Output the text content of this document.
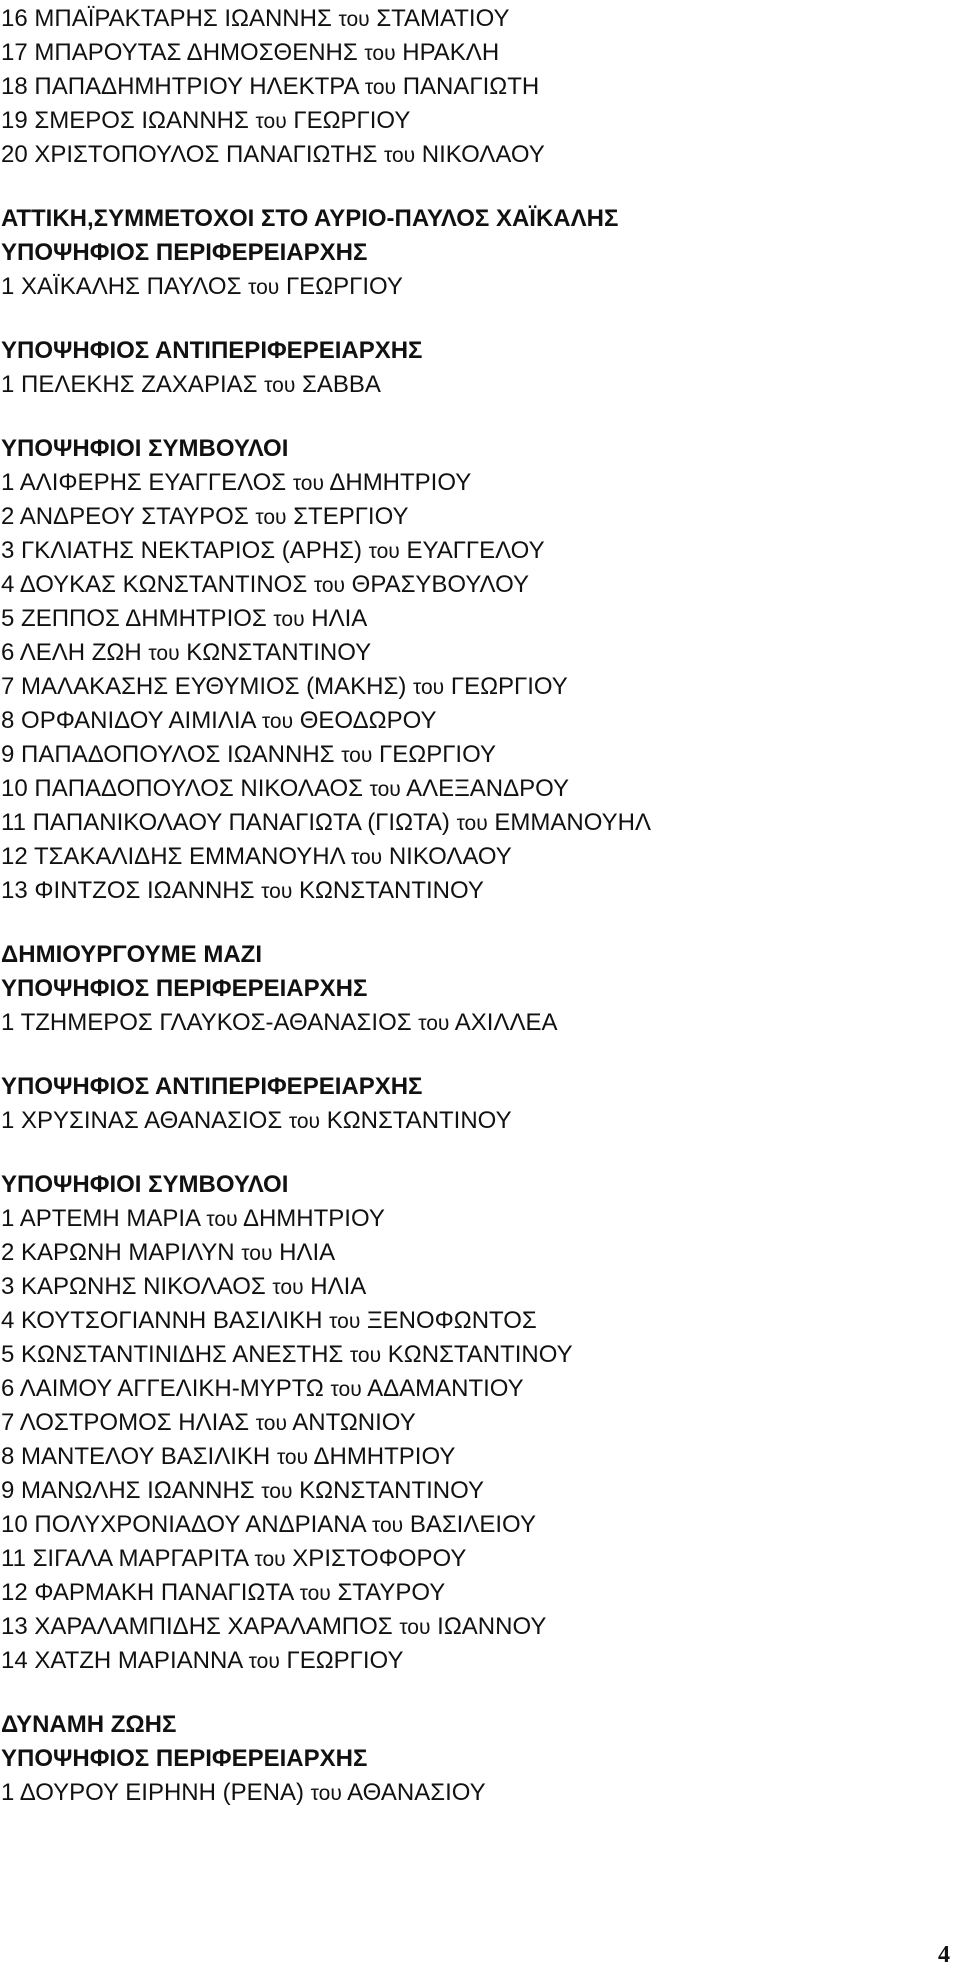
16 ΜΠΑΪΡΑΚΤΑΡΗΣ ΙΩΑΝΝΗΣ του ΣΤΑΜΑΤΙΟΥ
17 ΜΠΑΡΟΥΤΑΣ ΔΗΜΟΣΘΕΝΗΣ του ΗΡΑΚΛΗ
18 ΠΑΠΑΔΗΜΗΤΡΙΟΥ ΗΛΕΚΤΡΑ του ΠΑΝΑΓΙΩΤΗ
19 ΣΜΕΡΟΣ ΙΩΑΝΝΗΣ του ΓΕΩΡΓΙΟΥ
20 ΧΡΙΣΤΟΠΟΥΛΟΣ ΠΑΝΑΓΙΩΤΗΣ του ΝΙΚΟΛΑΟΥ
ΑΤΤΙΚΗ,ΣΥΜΜΕΤΟΧΟΙ ΣΤΟ ΑΥΡΙΟ-ΠΑΥΛΟΣ ΧΑΪΚΑΛΗΣ
ΥΠΟΨΗΦΙΟΣ ΠΕΡΙΦΕΡΕΙΑΡΧΗΣ
1 ΧΑΪΚΑΛΗΣ ΠΑΥΛΟΣ του ΓΕΩΡΓΙΟΥ
ΥΠΟΨΗΦΙΟΣ ΑΝΤΙΠΕΡΙΦΕΡΕΙΑΡΧΗΣ
1 ΠΕΛΕΚΗΣ ΖΑΧΑΡΙΑΣ του ΣΑΒΒΑ
ΥΠΟΨΗΦΙΟΙ ΣΥΜΒΟΥΛΟΙ
1 ΑΛΙΦΕΡΗΣ ΕΥΑΓΓΕΛΟΣ του ΔΗΜΗΤΡΙΟΥ
2 ΑΝΔΡΕΟΥ ΣΤΑΥΡΟΣ του ΣΤΕΡΓΙΟΥ
3 ΓΚΛΙΑΤΗΣ ΝΕΚΤΑΡΙΟΣ (ΑΡΗΣ) του ΕΥΑΓΓΕΛΟΥ
4 ΔΟΥΚΑΣ ΚΩΝΣΤΑΝΤΙΝΟΣ του ΘΡΑΣΥΒΟΥΛΟΥ
5 ΖΕΠΠΟΣ ΔΗΜΗΤΡΙΟΣ του ΗΛΙΑ
6 ΛΕΛΗ ΖΩΗ του ΚΩΝΣΤΑΝΤΙΝΟΥ
7 ΜΑΛΑΚΑΣΗΣ ΕΥΘΥΜΙΟΣ (ΜΑΚΗΣ) του ΓΕΩΡΓΙΟΥ
8 ΟΡΦΑΝΙΔΟΥ ΑΙΜΙΛΙΑ του ΘΕΟΔΩΡΟΥ
9 ΠΑΠΑΔΟΠΟΥΛΟΣ ΙΩΑΝΝΗΣ του ΓΕΩΡΓΙΟΥ
10 ΠΑΠΑΔΟΠΟΥΛΟΣ ΝΙΚΟΛΑΟΣ του ΑΛΕΞΑΝΔΡΟΥ
11 ΠΑΠΑΝΙΚΟΛΑΟΥ ΠΑΝΑΓΙΩΤΑ (ΓΙΩΤΑ) του ΕΜΜΑΝΟΥΗΛ
12 ΤΣΑΚΑΛΙΔΗΣ ΕΜΜΑΝΟΥΗΛ του ΝΙΚΟΛΑΟΥ
13 ΦΙΝΤΖΟΣ ΙΩΑΝΝΗΣ του ΚΩΝΣΤΑΝΤΙΝΟΥ
ΔΗΜΙΟΥΡΓΟΥΜΕ ΜΑΖΙ
ΥΠΟΨΗΦΙΟΣ ΠΕΡΙΦΕΡΕΙΑΡΧΗΣ
1 ΤΖΗΜΕΡΟΣ ΓΛΑΥΚΟΣ-ΑΘΑΝΑΣΙΟΣ του ΑΧΙΛΛΕΑ
ΥΠΟΨΗΦΙΟΣ ΑΝΤΙΠΕΡΙΦΕΡΕΙΑΡΧΗΣ
1 ΧΡΥΣΙΝΑΣ ΑΘΑΝΑΣΙΟΣ του ΚΩΝΣΤΑΝΤΙΝΟΥ
ΥΠΟΨΗΦΙΟΙ ΣΥΜΒΟΥΛΟΙ
1 ΑΡΤΕΜΗ ΜΑΡΙΑ του ΔΗΜΗΤΡΙΟΥ
2 ΚΑΡΩΝΗ ΜΑΡΙΛΥΝ του ΗΛΙΑ
3 ΚΑΡΩΝΗΣ ΝΙΚΟΛΑΟΣ του ΗΛΙΑ
4 ΚΟΥΤΣΟΓΙΑΝΝΗ ΒΑΣΙΛΙΚΗ του ΞΕΝΟΦΩΝΤΟΣ
5 ΚΩΝΣΤΑΝΤΙΝΙΔΗΣ ΑΝΕΣΤΗΣ του ΚΩΝΣΤΑΝΤΙΝΟΥ
6 ΛΑΙΜΟΥ ΑΓΓΕΛΙΚΗ-ΜΥΡΤΩ του ΑΔΑΜΑΝΤΙΟΥ
7 ΛΟΣΤΡΟΜΟΣ ΗΛΙΑΣ του ΑΝΤΩΝΙΟΥ
8 ΜΑΝΤΕΛΟΥ ΒΑΣΙΛΙΚΗ του ΔΗΜΗΤΡΙΟΥ
9 ΜΑΝΩΛΗΣ ΙΩΑΝΝΗΣ του ΚΩΝΣΤΑΝΤΙΝΟΥ
10 ΠΟΛΥΧΡΟΝΙΑΔΟΥ ΑΝΔΡΙΑΝΑ του ΒΑΣΙΛΕΙΟΥ
11 ΣΙΓΑΛΑ ΜΑΡΓΑΡΙΤΑ του ΧΡΙΣΤΟΦΟΡΟΥ
12 ΦΑΡΜΑΚΗ ΠΑΝΑΓΙΩΤΑ του ΣΤΑΥΡΟΥ
13 ΧΑΡΑΛΑΜΠΙΔΗΣ ΧΑΡΑΛΑΜΠΟΣ του ΙΩΑΝΝΟΥ
14 ΧΑΤΖΗ ΜΑΡΙΑΝΝΑ του ΓΕΩΡΓΙΟΥ
ΔΥΝΑΜΗ ΖΩΗΣ
ΥΠΟΨΗΦΙΟΣ ΠΕΡΙΦΕΡΕΙΑΡΧΗΣ
1 ΔΟΥΡΟΥ ΕΙΡΗΝΗ (ΡΕΝΑ) του ΑΘΑΝΑΣΙΟΥ
4
